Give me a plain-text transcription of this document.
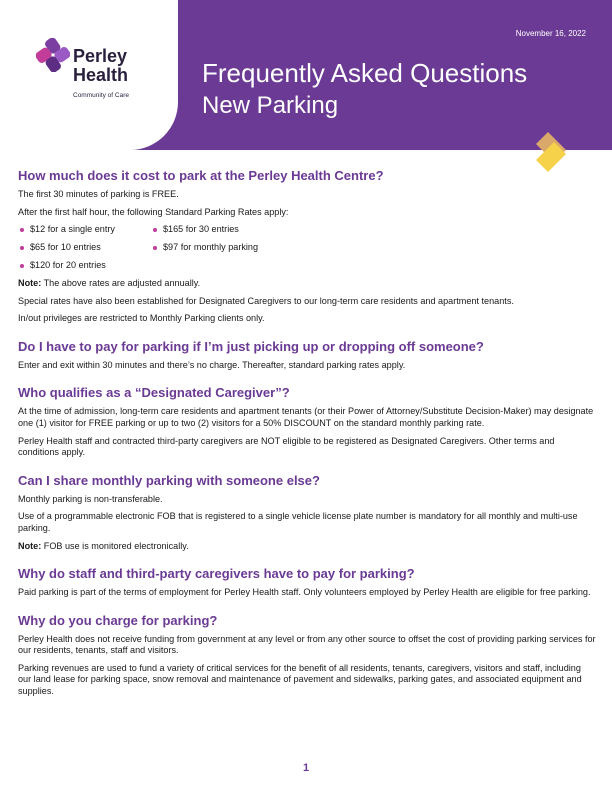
Perley
Health
Community of Care
November 16, 2022
Frequently Asked Questions
New Parking
How much does it cost to park at the Perley Health Centre?

The first 30 minutes of parking is FREE.

After the first half hour, the following Standard Parking Rates apply:

$12 for a single entry
$65 for 10 entries
$120 for 20 entries
$165 for 30 entries
$97 for monthly parking

Note: The above rates are adjusted annually.

Special rates have also been established for Designated Caregivers to our long-term care residents and apartment tenants.

In/out privileges are restricted to Monthly Parking clients only.

Do I have to pay for parking if I’m just picking up or dropping off someone?

Enter and exit within 30 minutes and there’s no charge. Thereafter, standard parking rates apply.

Who qualifies as a “Designated Caregiver”?

At the time of admission, long-term care residents and apartment tenants (or their Power of Attorney/Substitute Decision-Maker) may designate one (1) visitor for FREE parking or up to two (2) visitors for a 50% DISCOUNT on the standard monthly parking rate.

Perley Health staff and contracted third-party caregivers are NOT eligible to be registered as Designated Caregivers. Other terms and conditions apply.

Can I share monthly parking with someone else?

Monthly parking is non-transferable.

Use of a programmable electronic FOB that is registered to a single vehicle license plate number is mandatory for all monthly and multi-use parking.

Note: FOB use is monitored electronically.

Why do staff and third-party caregivers have to pay for parking?

Paid parking is part of the terms of employment for Perley Health staff. Only volunteers employed by Perley Health are eligible for free parking.

Why do you charge for parking?

Perley Health does not receive funding from government at any level or from any other source to offset the cost of providing parking services for our residents, tenants, staff and visitors.

Parking revenues are used to fund a variety of critical services for the benefit of all residents, tenants, caregivers, visitors and staff, including our land lease for parking space, snow removal and maintenance of pavement and sidewalks, parking gates, and associated equipment and supplies.

1
